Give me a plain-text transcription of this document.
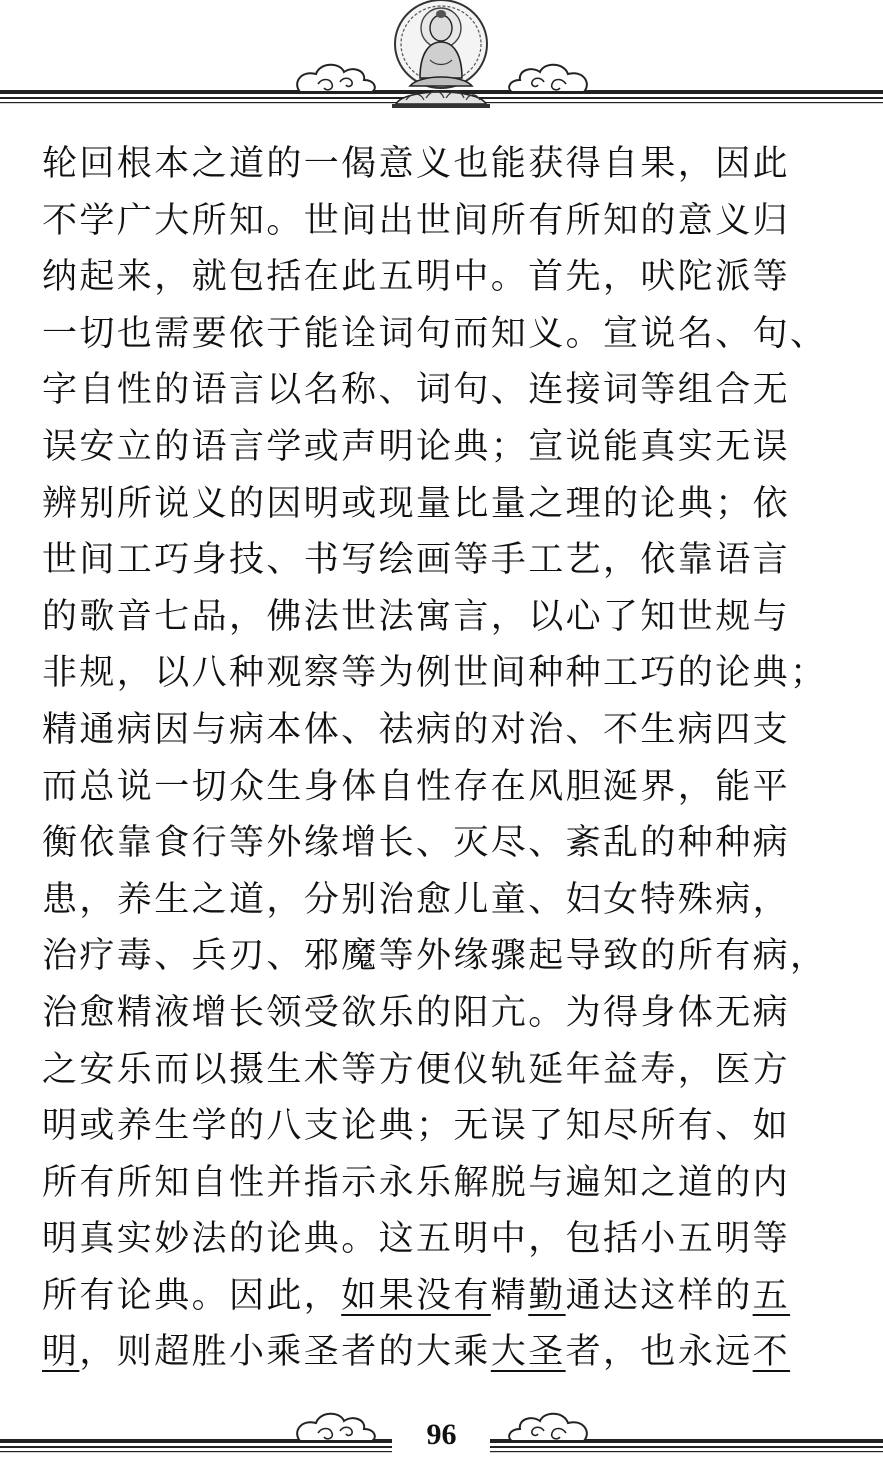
轮回根本之道的一偈意义也能获得自果，因此
不学广大所知。世间出世间所有所知的意义归
纳起来，就包括在此五明中。首先，吠陀派等
一切也需要依于能诠词句而知义。宣说名、句、
字自性的语言以名称、词句、连接词等组合无
误安立的语言学或声明论典；宣说能真实无误
辨别所说义的因明或现量比量之理的论典；依
世间工巧身技、书写绘画等手工艺，依靠语言
的歌音七品，佛法世法寓言，以心了知世规与
非规，以八种观察等为例世间种种工巧的论典；
精通病因与病本体、祛病的对治、不生病四支
而总说一切众生身体自性存在风胆涎界，能平
衡依靠食行等外缘增长、灭尽、紊乱的种种病
患，养生之道，分别治愈儿童、妇女特殊病，
治疗毒、兵刃、邪魔等外缘骤起导致的所有病，
治愈精液增长领受欲乐的阳亢。为得身体无病
之安乐而以摄生术等方便仪轨延年益寿，医方
明或养生学的八支论典；无误了知尽所有、如
所有所知自性并指示永乐解脱与遍知之道的内
明真实妙法的论典。这五明中，包括小五明等
所有论典。因此，如果没有精勤通达这样的五
明，则超胜小乘圣者的大乘大圣者，也永远不
96
